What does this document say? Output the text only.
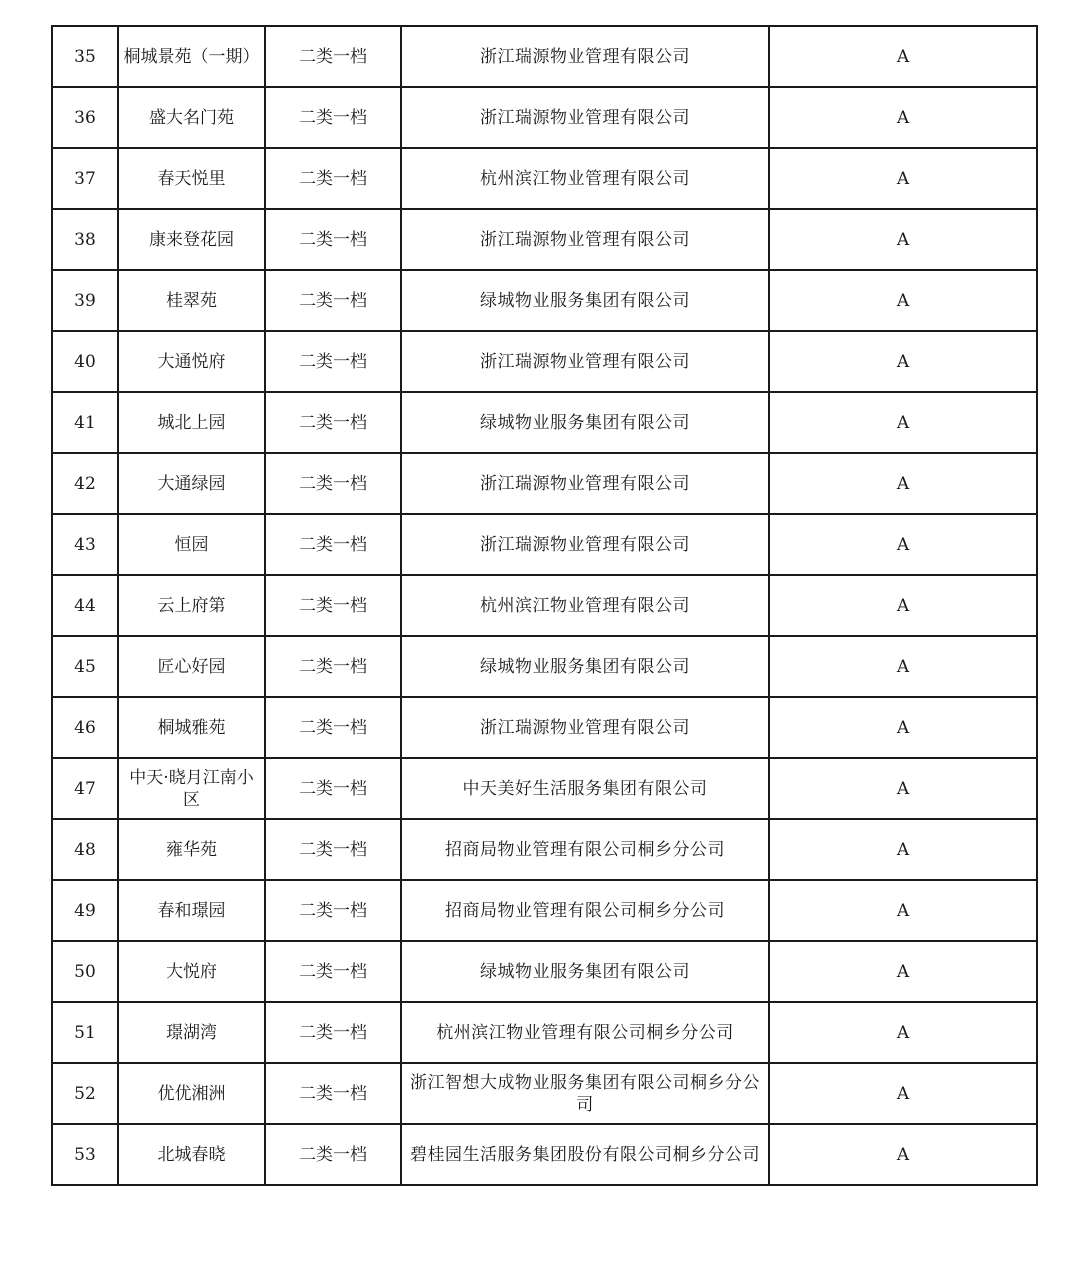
35	桐城景苑（一期）	二类一档	浙江瑞源物业管理有限公司	A
36	盛大名门苑	二类一档	浙江瑞源物业管理有限公司	A
37	春天悦里	二类一档	杭州滨江物业管理有限公司	A
38	康来登花园	二类一档	浙江瑞源物业管理有限公司	A
39	桂翠苑	二类一档	绿城物业服务集团有限公司	A
40	大通悦府	二类一档	浙江瑞源物业管理有限公司	A
41	城北上园	二类一档	绿城物业服务集团有限公司	A
42	大通绿园	二类一档	浙江瑞源物业管理有限公司	A
43	恒园	二类一档	浙江瑞源物业管理有限公司	A
44	云上府第	二类一档	杭州滨江物业管理有限公司	A
45	匠心好园	二类一档	绿城物业服务集团有限公司	A
46	桐城雅苑	二类一档	浙江瑞源物业管理有限公司	A
47	中天·晓月江南小区	二类一档	中天美好生活服务集团有限公司	A
48	雍华苑	二类一档	招商局物业管理有限公司桐乡分公司	A
49	春和璟园	二类一档	招商局物业管理有限公司桐乡分公司	A
50	大悦府	二类一档	绿城物业服务集团有限公司	A
51	璟湖湾	二类一档	杭州滨江物业管理有限公司桐乡分公司	A
52	优优湘洲	二类一档	浙江智想大成物业服务集团有限公司桐乡分公司	A
53	北城春晓	二类一档	碧桂园生活服务集团股份有限公司桐乡分公司	A
